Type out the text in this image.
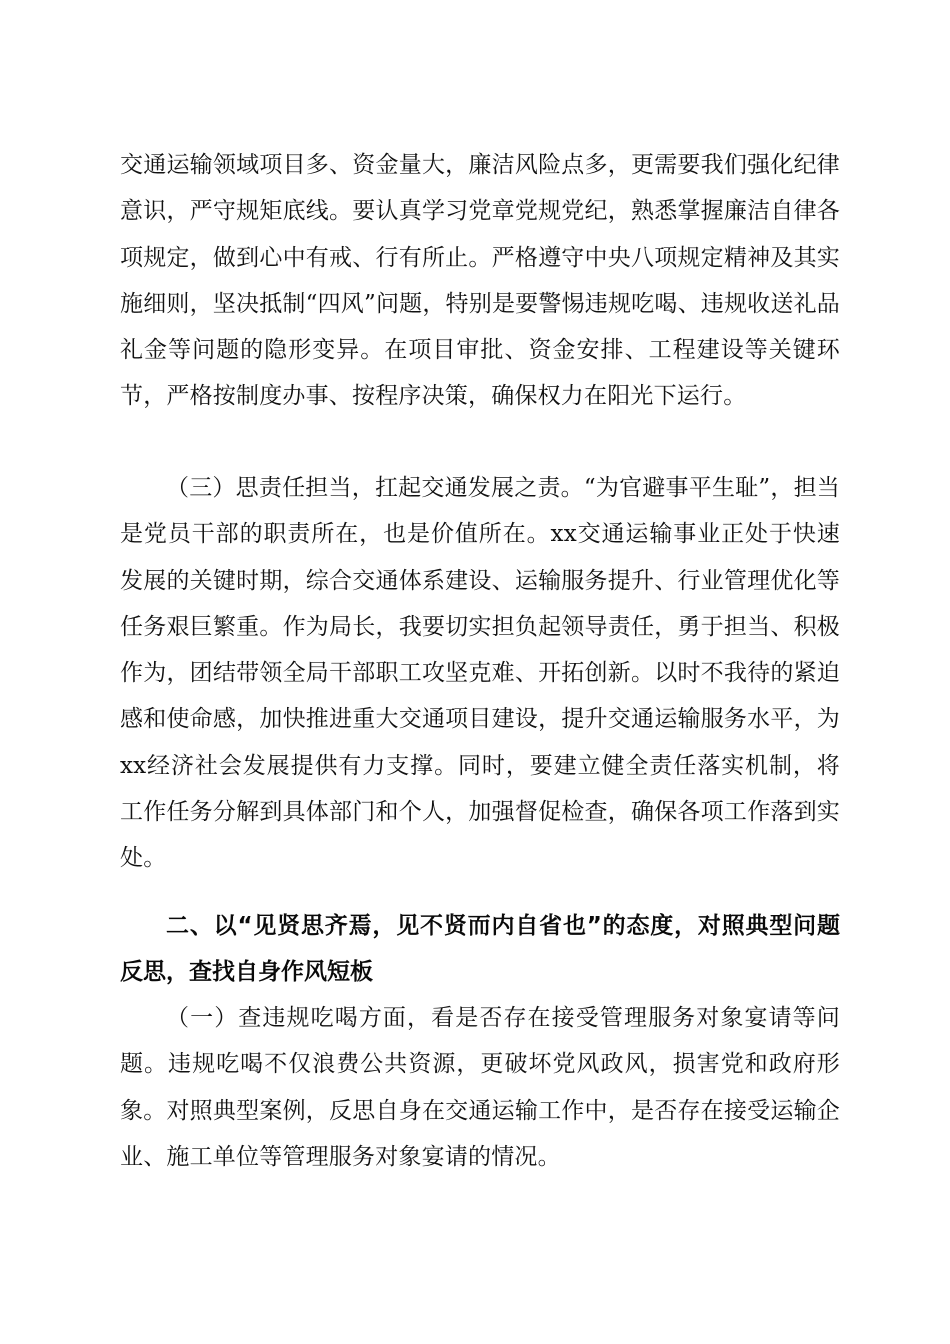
交通运输领域项目多、资金量大，廉洁风险点多，更需要我们强化纪律意识，严守规矩底线。要认真学习党章党规党纪，熟悉掌握廉洁自律各项规定，做到心中有戒、行有所止。严格遵守中央八项规定精神及其实施细则，坚决抵制“四风”问题，特别是要警惕违规吃喝、违规收送礼品礼金等问题的隐形变异。在项目审批、资金安排、工程建设等关键环节，严格按制度办事、按程序决策，确保权力在阳光下运行。

（三）思责任担当，扛起交通发展之责。“为官避事平生耻”，担当是党员干部的职责所在，也是价值所在。xx交通运输事业正处于快速发展的关键时期，综合交通体系建设、运输服务提升、行业管理优化等任务艰巨繁重。作为局长，我要切实担负起领导责任，勇于担当、积极作为，团结带领全局干部职工攻坚克难、开拓创新。以时不我待的紧迫感和使命感，加快推进重大交通项目建设，提升交通运输服务水平，为xx经济社会发展提供有力支撑。同时，要建立健全责任落实机制，将工作任务分解到具体部门和个人，加强督促检查，确保各项工作落到实处。

二、以“见贤思齐焉，见不贤而内自省也”的态度，对照典型问题反思，查找自身作风短板

（一）查违规吃喝方面，看是否存在接受管理服务对象宴请等问题。违规吃喝不仅浪费公共资源，更破坏党风政风，损害党和政府形象。对照典型案例，反思自身在交通运输工作中，是否存在接受运输企业、施工单位等管理服务对象宴请的情况。
